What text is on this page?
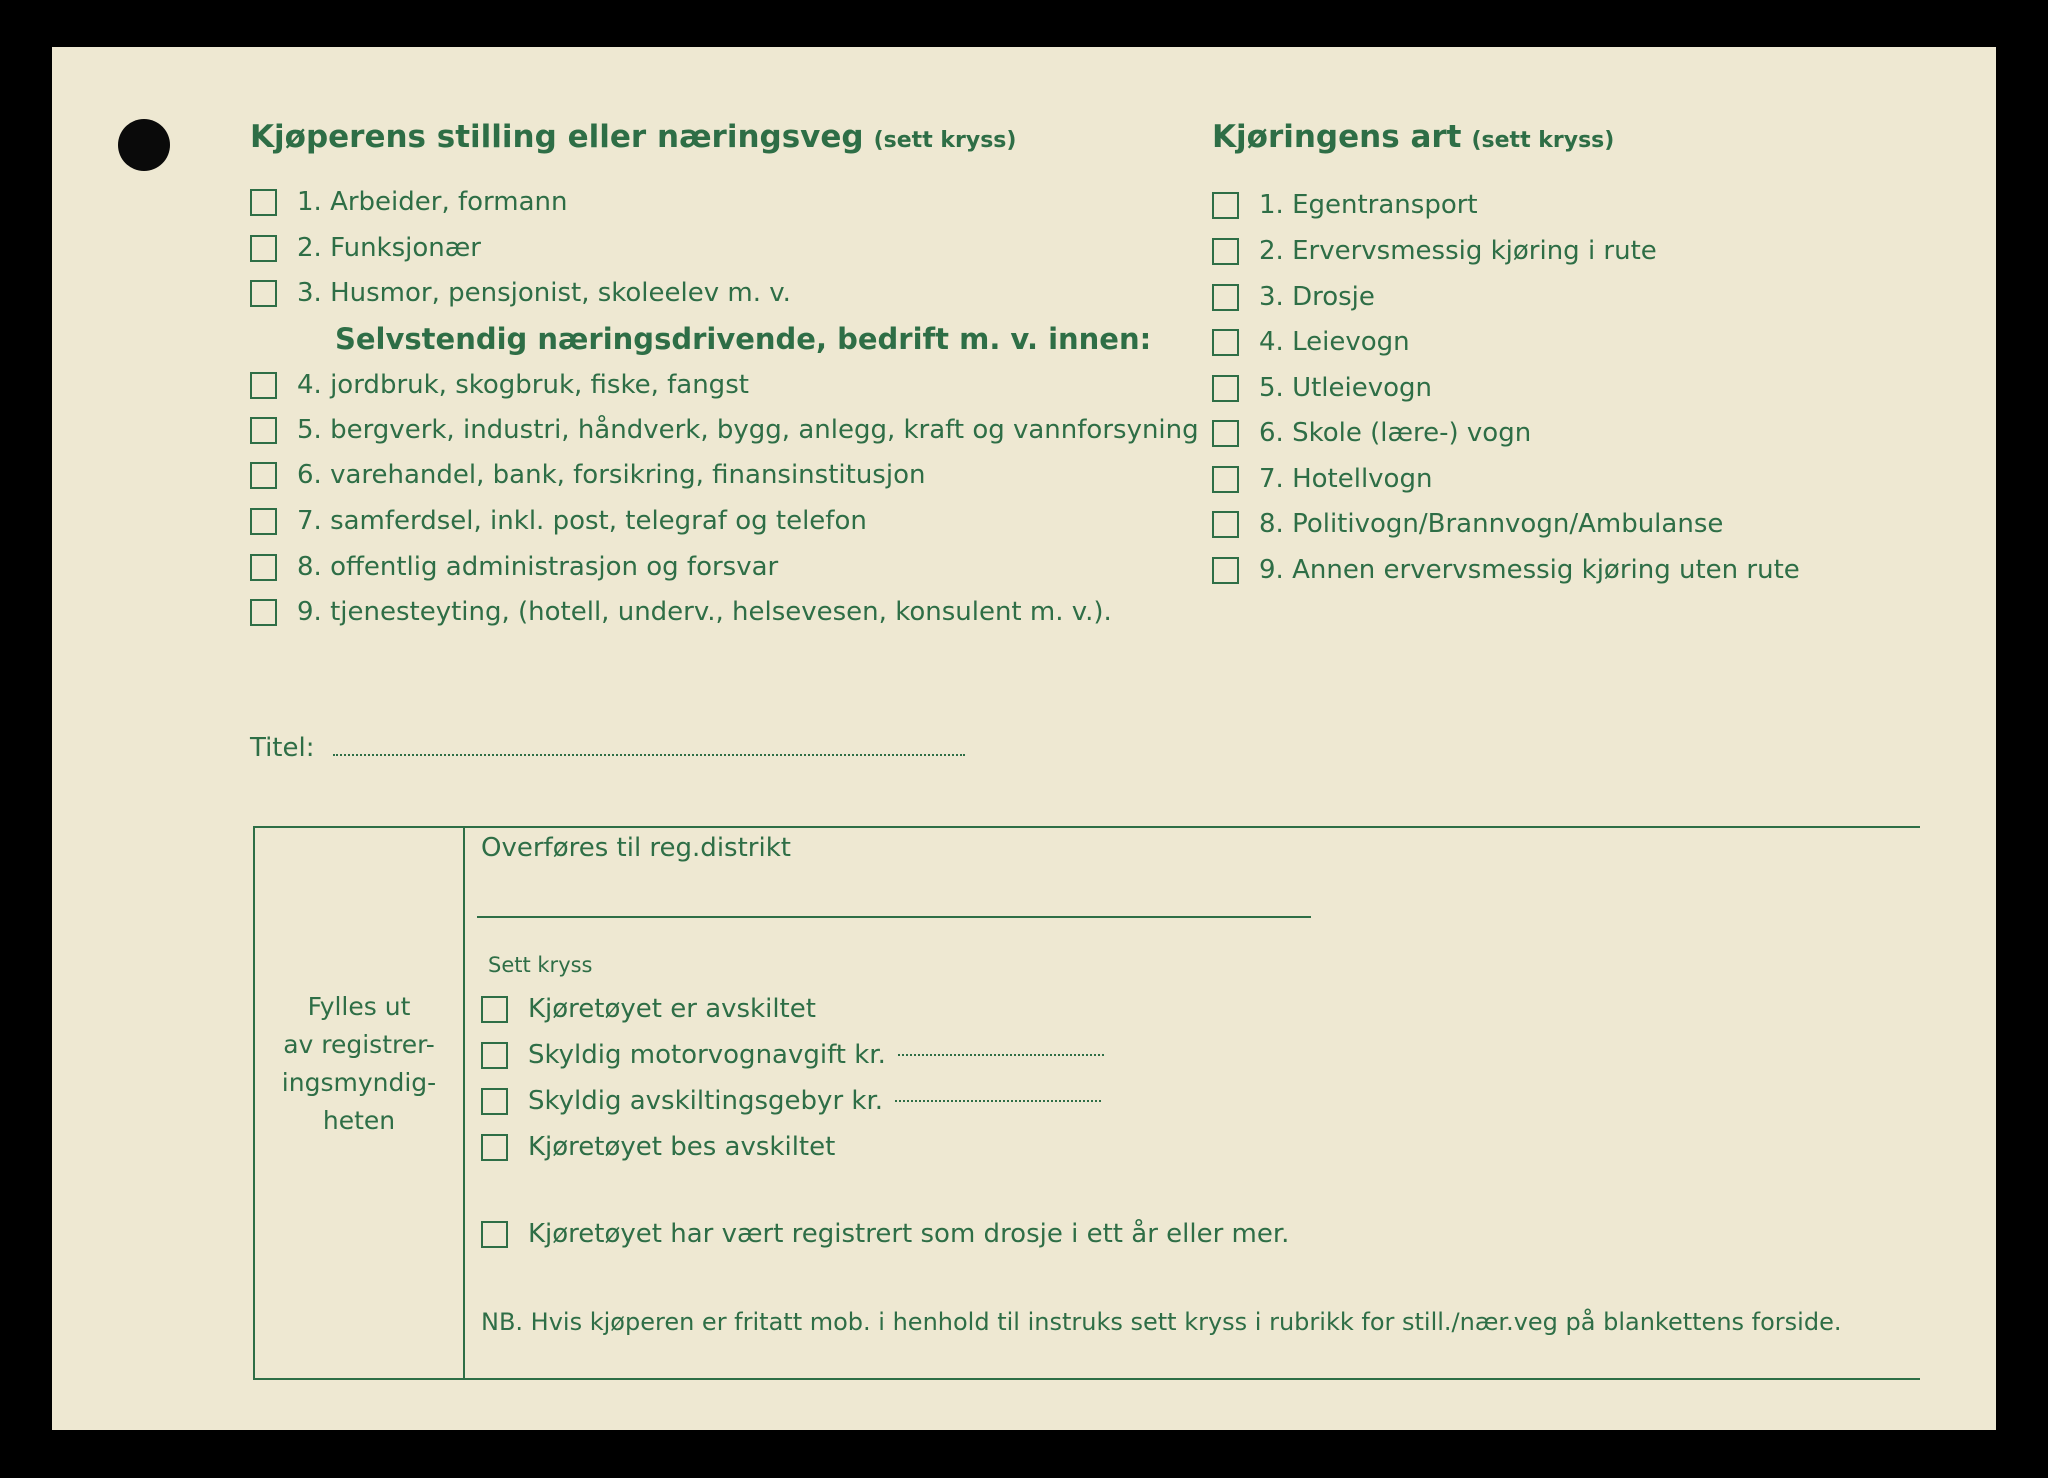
Kjøperens stilling eller næringsveg (sett kryss)
1. Arbeider, formann
2. Funksjonær
3. Husmor, pensjonist, skoleelev m. v.
Selvstendig næringsdrivende, bedrift m. v. innen:
4. jordbruk, skogbruk, fiske, fangst
5. bergverk, industri, håndverk, bygg, anlegg, kraft og vannforsyning
6. varehandel, bank, forsikring, finansinstitusjon
7. samferdsel, inkl. post, telegraf og telefon
8. offentlig administrasjon og forsvar
9. tjenesteyting, (hotell, underv., helsevesen, konsulent m. v.).
Kjøringens art (sett kryss)
1. Egentransport
2. Ervervsmessig kjøring i rute
3. Drosje
4. Leievogn
5. Utleievogn
6. Skole (lære-) vogn
7. Hotellvogn
8. Politivogn/Brannvogn/Ambulanse
9. Annen ervervsmessig kjøring uten rute
Titel:
Fylles ut
av registrer-
ingsmyndig-
heten
Overføres til reg.distrikt
Sett kryss
Kjøretøyet er avskiltet
Skyldig motorvognavgift kr.
Skyldig avskiltingsgebyr kr.
Kjøretøyet bes avskiltet
Kjøretøyet har vært registrert som drosje i ett år eller mer.
NB. Hvis kjøperen er fritatt mob. i henhold til instruks sett kryss i rubrikk for still./nær.veg på blankettens forside.
